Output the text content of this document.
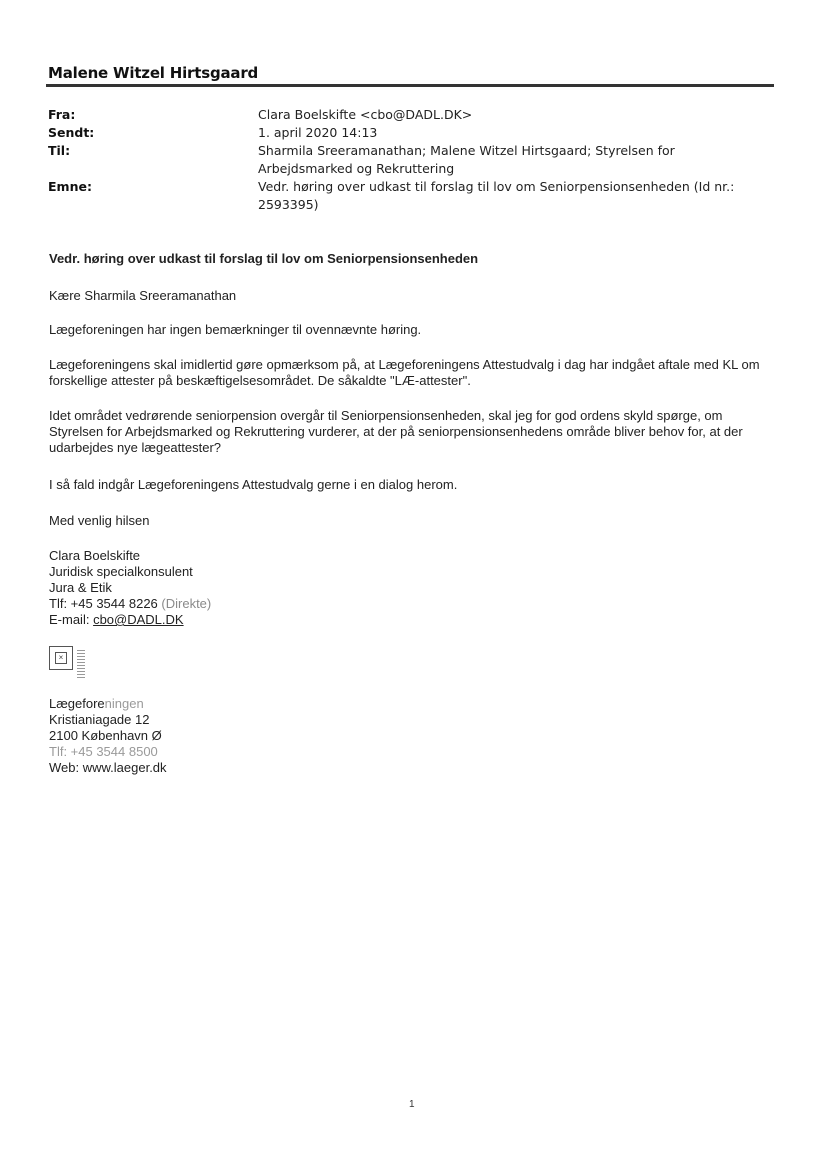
Malene Witzel Hirtsgaard
Fra:	Clara Boelskifte <cbo@DADL.DK>
Sendt:	1. april 2020 14:13
Til:	Sharmila Sreeramanathan; Malene Witzel Hirtsgaard; Styrelsen for Arbejdsmarked og Rekruttering
Emne:	Vedr. høring over udkast til forslag til lov om Seniorpensionsenheden (Id nr.: 2593395)
Vedr. høring over udkast til forslag til lov om Seniorpensionsenheden
Kære Sharmila Sreeramanathan
Lægeforeningen har ingen bemærkninger til ovennævnte høring.
Lægeforeningens skal imidlertid gøre opmærksom på, at Lægeforeningens Attestudvalg i dag har indgået aftale med KL om forskellige attester på beskæftigelsesområdet. De såkaldte "LÆ-attester".
Idet området vedrørende seniorpension overgår til Seniorpensionsenheden, skal jeg for god ordens skyld spørge, om Styrelsen for Arbejdsmarked og Rekruttering vurderer, at der på seniorpensionsenhedens område bliver behov for, at der udarbejdes nye lægeattester?
I så fald indgår Lægeforeningens Attestudvalg gerne i en dialog herom.
Med venlig hilsen
Clara Boelskifte
Juridisk specialkonsulent
Jura & Etik
Tlf: +45 3544 8226 (Direkte)
E-mail: cbo@DADL.DK
×
Lægeforeningen
Kristianiagade 12
2100 København Ø
Tlf: +45 3544 8500
Web: www.laeger.dk
1
